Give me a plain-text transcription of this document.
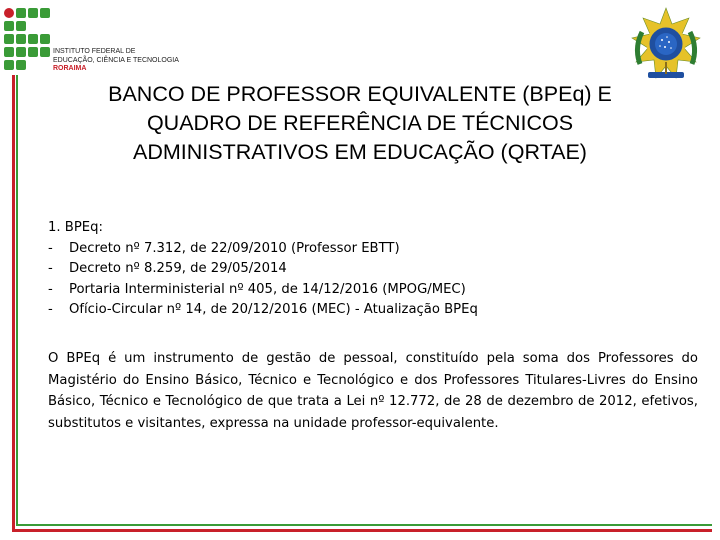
INSTITUTO FEDERAL DE
EDUCAÇÃO, CIÊNCIA E TECNOLOGIA
RORAIMA
BANCO DE PROFESSOR EQUIVALENTE (BPEq) E
QUADRO DE REFERÊNCIA DE TÉCNICOS
ADMINISTRATIVOS EM EDUCAÇÃO (QRTAE)
1. BPEq:
- Decreto nº 7.312, de 22/09/2010 (Professor EBTT)
- Decreto nº 8.259, de 29/05/2014
- Portaria Interministerial nº 405, de 14/12/2016 (MPOG/MEC)
- Ofício-Circular nº 14, de 20/12/2016 (MEC) - Atualização BPEq
O BPEq é um instrumento de gestão de pessoal, constituído pela soma dos Professores do Magistério do Ensino Básico, Técnico e Tecnológico e dos Professores Titulares-Livres do Ensino Básico, Técnico e Tecnológico de que trata a Lei nº 12.772, de 28 de dezembro de 2012, efetivos, substitutos e visitantes, expressa na unidade professor-equivalente.
